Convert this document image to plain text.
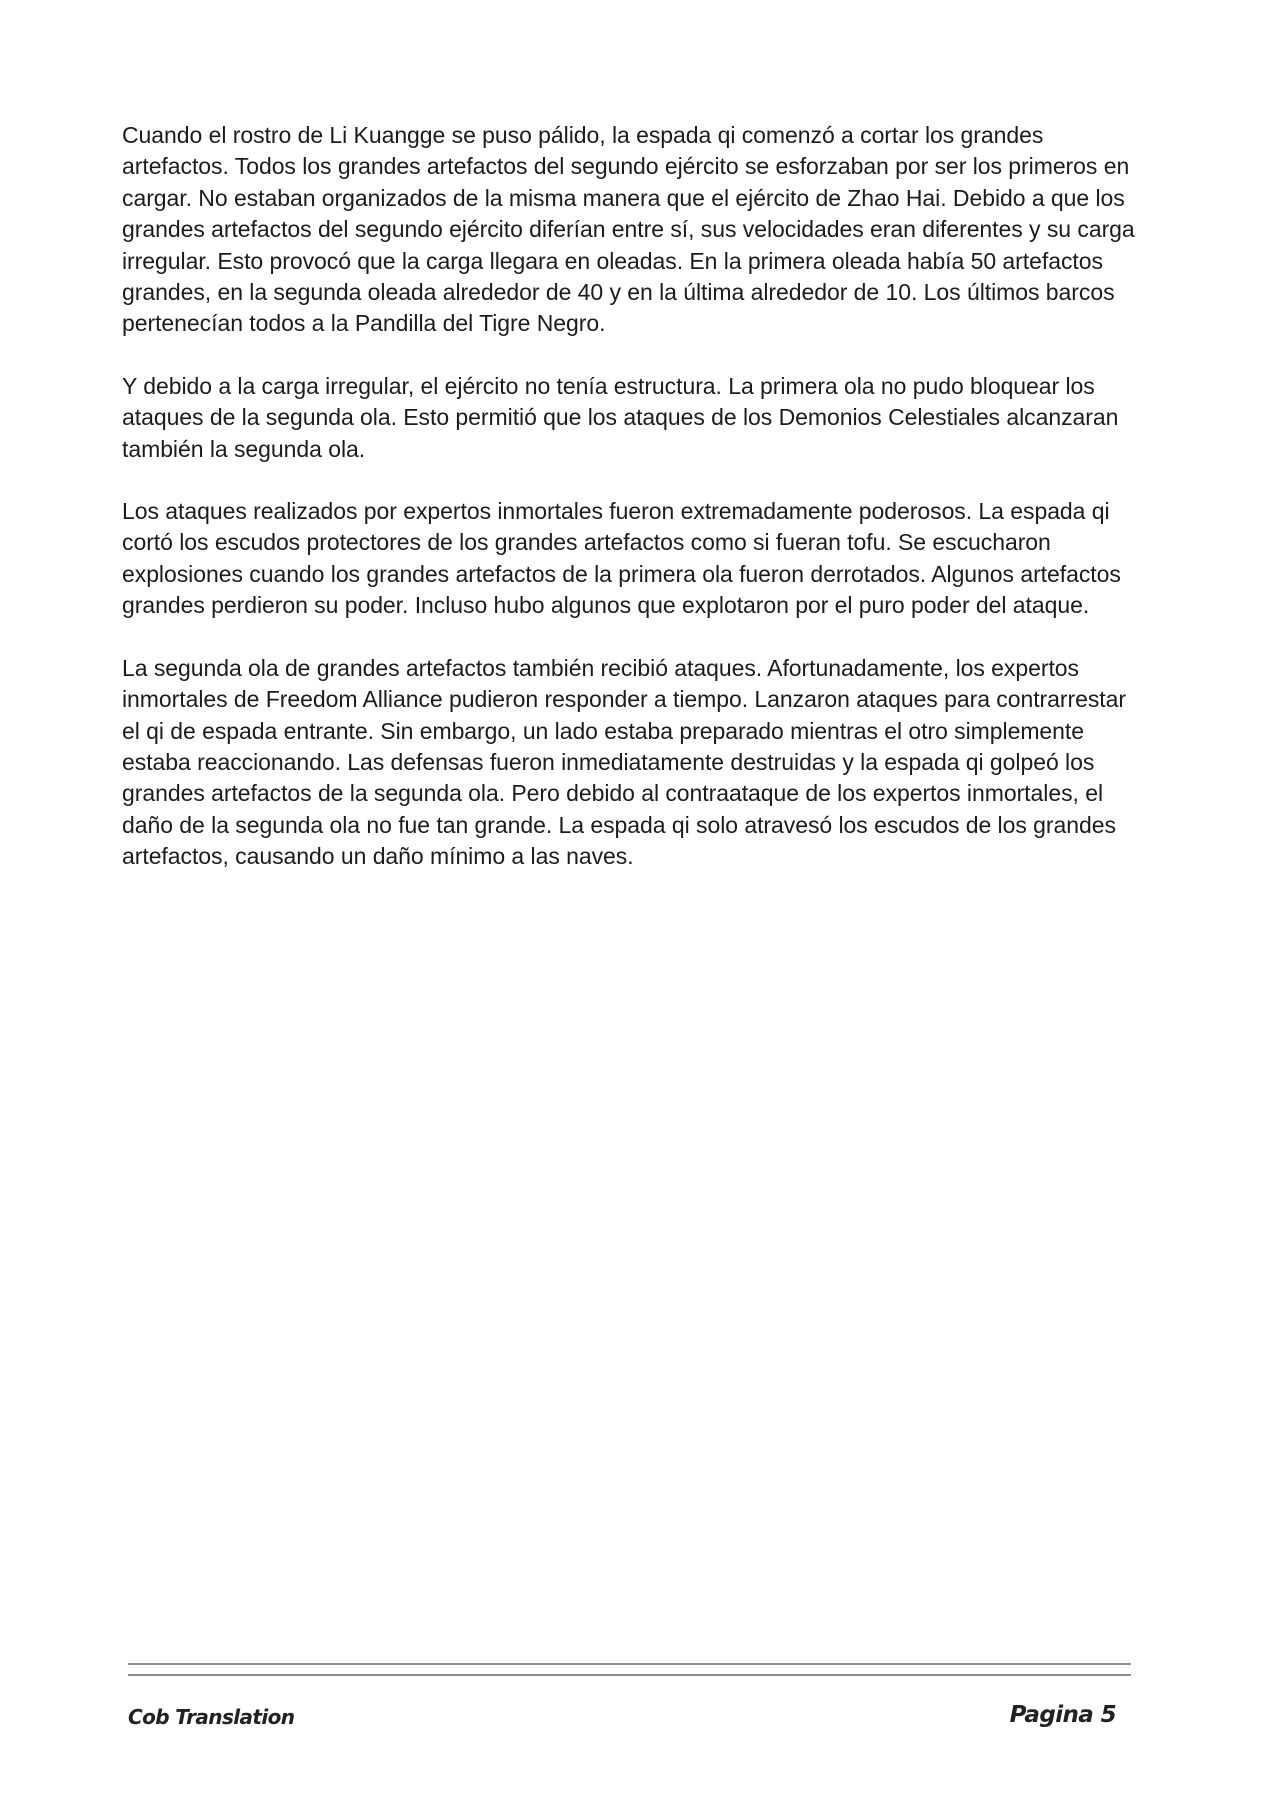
Cuando el rostro de Li Kuangge se puso pálido, la espada qi comenzó a cortar los grandes artefactos. Todos los grandes artefactos del segundo ejército se esforzaban por ser los primeros en cargar. No estaban organizados de la misma manera que el ejército de Zhao Hai. Debido a que los grandes artefactos del segundo ejército diferían entre sí, sus velocidades eran diferentes y su carga irregular. Esto provocó que la carga llegara en oleadas. En la primera oleada había 50 artefactos grandes, en la segunda oleada alrededor de 40 y en la última alrededor de 10. Los últimos barcos pertenecían todos a la Pandilla del Tigre Negro.

Y debido a la carga irregular, el ejército no tenía estructura. La primera ola no pudo bloquear los ataques de la segunda ola. Esto permitió que los ataques de los Demonios Celestiales alcanzaran también la segunda ola.

Los ataques realizados por expertos inmortales fueron extremadamente poderosos. La espada qi cortó los escudos protectores de los grandes artefactos como si fueran tofu. Se escucharon explosiones cuando los grandes artefactos de la primera ola fueron derrotados. Algunos artefactos grandes perdieron su poder. Incluso hubo algunos que explotaron por el puro poder del ataque.

La segunda ola de grandes artefactos también recibió ataques. Afortunadamente, los expertos inmortales de Freedom Alliance pudieron responder a tiempo. Lanzaron ataques para contrarrestar el qi de espada entrante. Sin embargo, un lado estaba preparado mientras el otro simplemente estaba reaccionando. Las defensas fueron inmediatamente destruidas y la espada qi golpeó los grandes artefactos de la segunda ola. Pero debido al contraataque de los expertos inmortales, el daño de la segunda ola no fue tan grande. La espada qi solo atravesó los escudos de los grandes artefactos, causando un daño mínimo a las naves.

Cob Translation	Pagina 5
